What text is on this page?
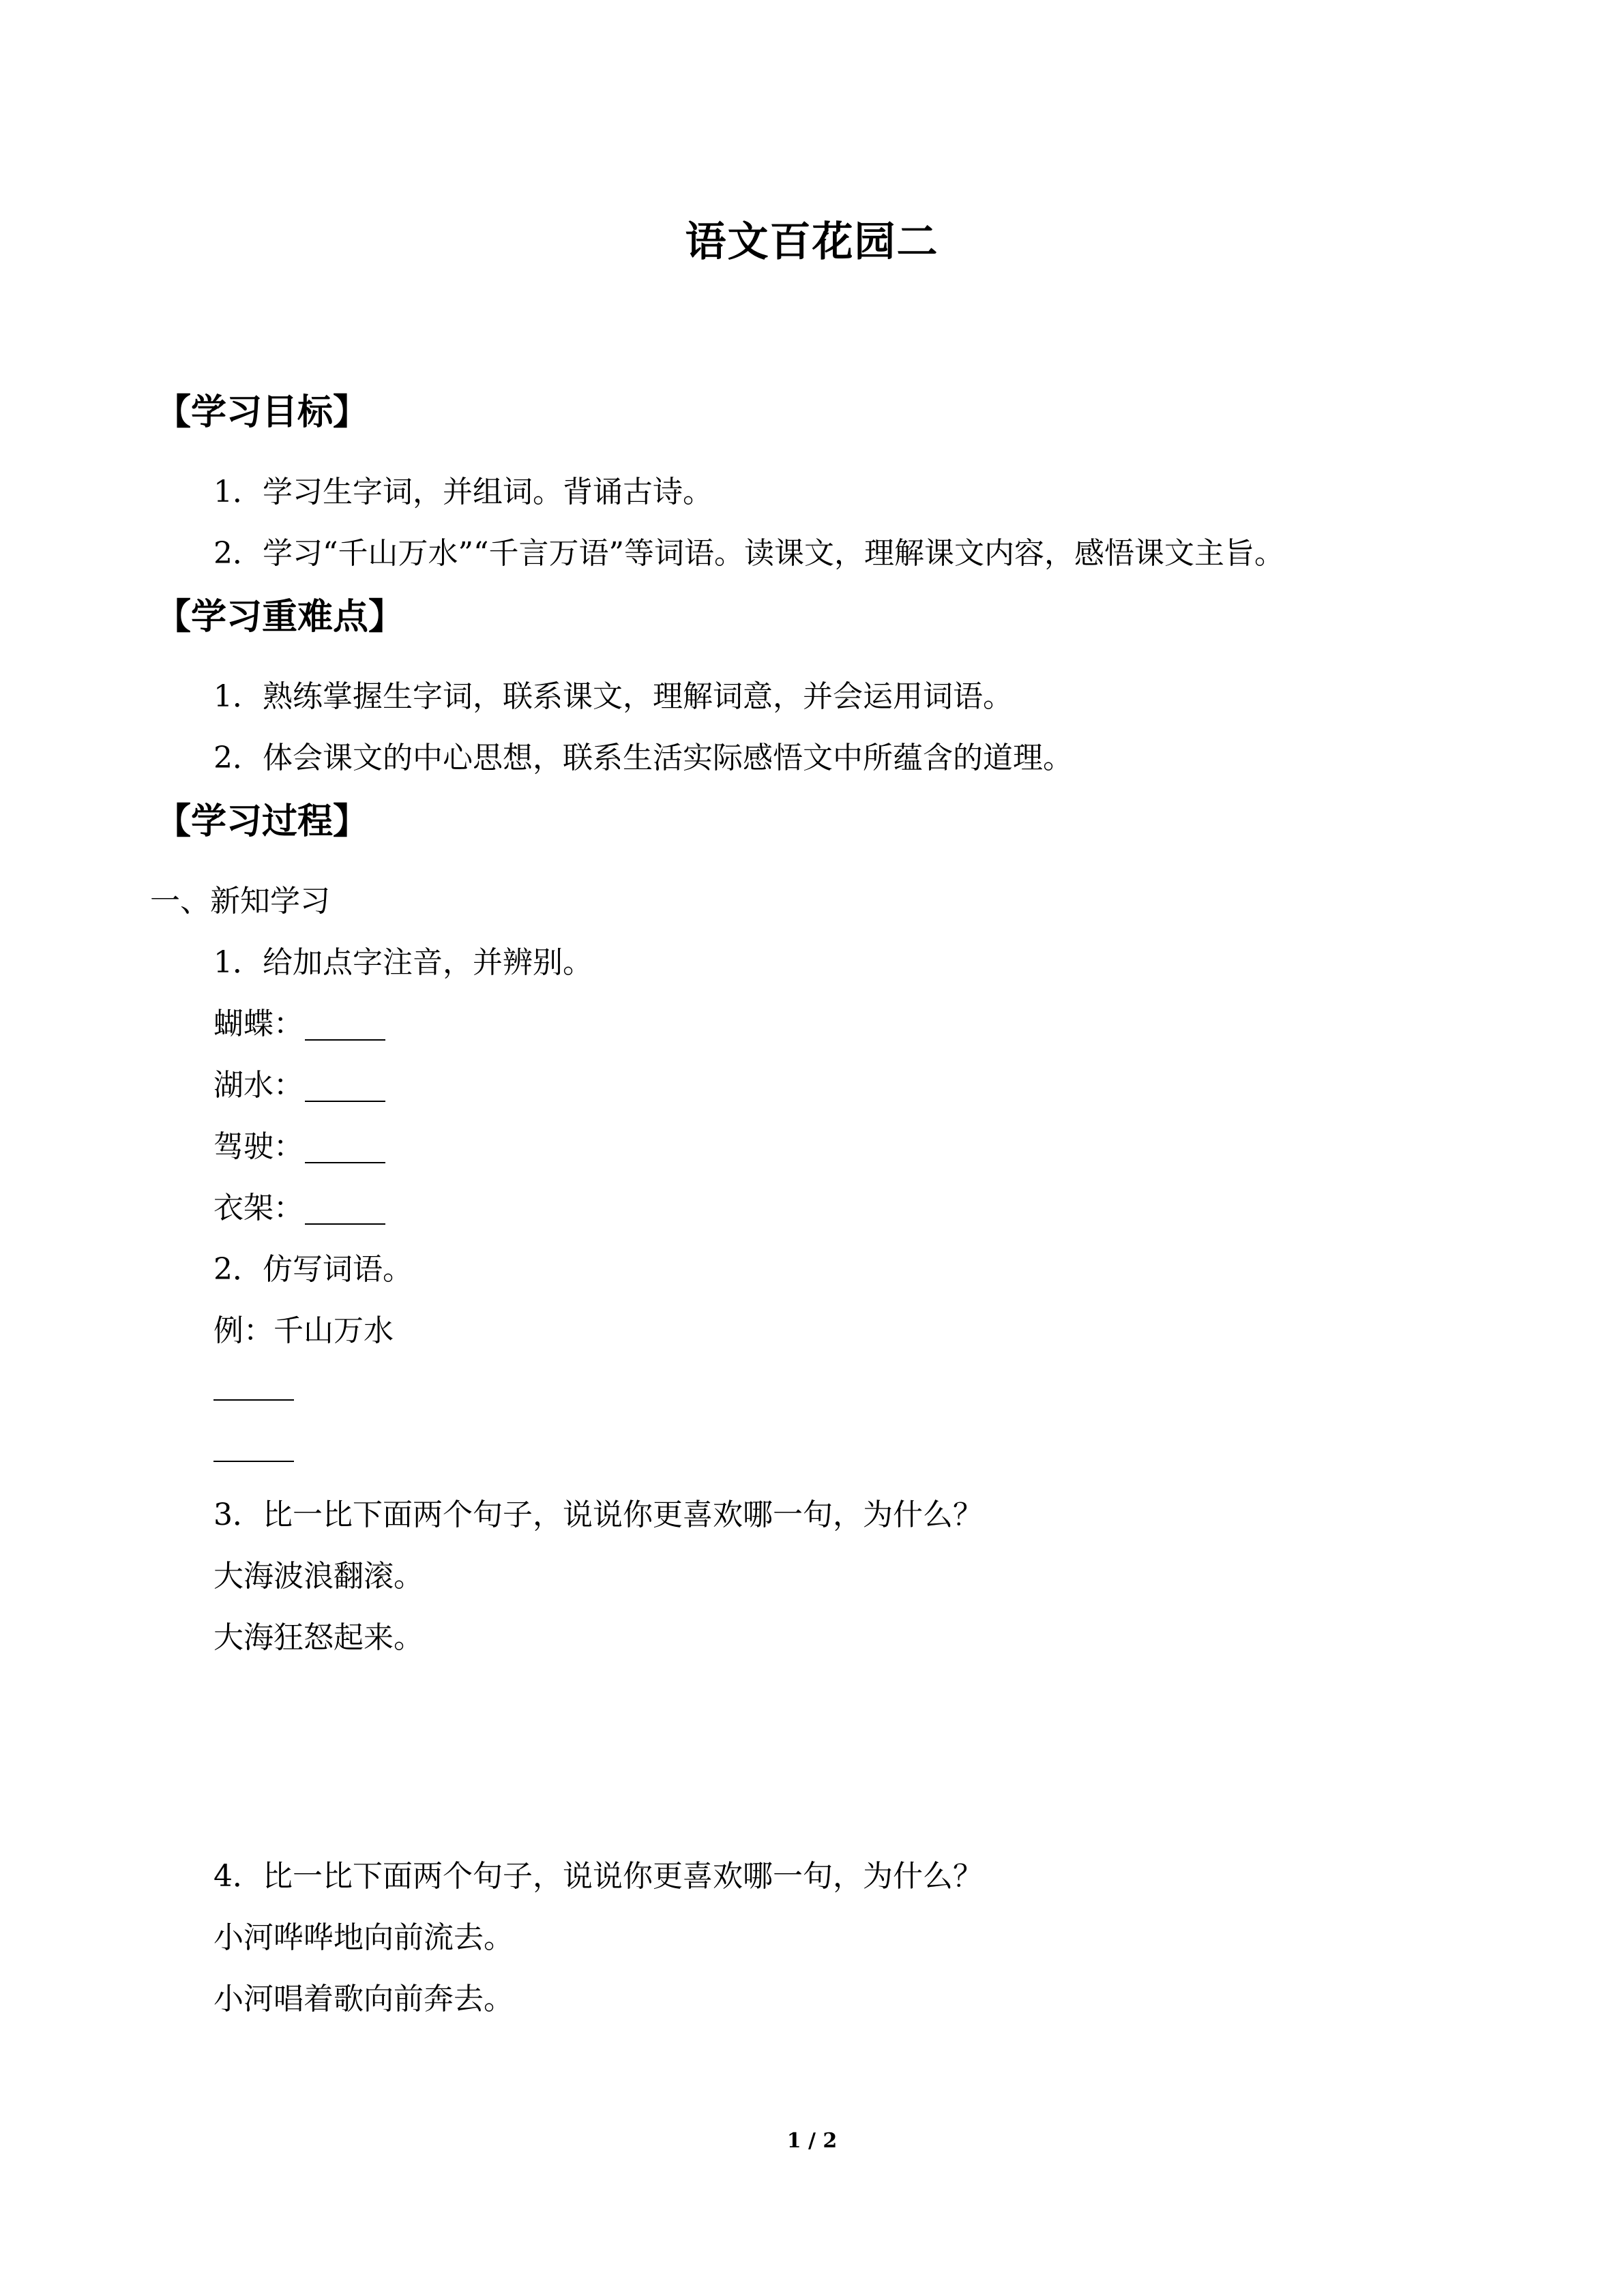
语文百花园二
【学习目标】
1．学习生字词，并组词。背诵古诗。
2．学习“千山万水”“千言万语”等词语。读课文，理解课文内容，感悟课文主旨。
【学习重难点】
1．熟练掌握生字词，联系课文，理解词意，并会运用词语。
2．体会课文的中心思想，联系生活实际感悟文中所蕴含的道理。
【学习过程】
一、新知学习
1．给加点字注音，并辨别。
蝴蝶：
湖水：
驾驶：
衣架：
2．仿写词语。
例：千山万水
3．比一比下面两个句子，说说你更喜欢哪一句，为什么？
大海波浪翻滚。
大海狂怒起来。
4．比一比下面两个句子，说说你更喜欢哪一句，为什么？
小河哗哗地向前流去。
小河唱着歌向前奔去。
1 / 2
